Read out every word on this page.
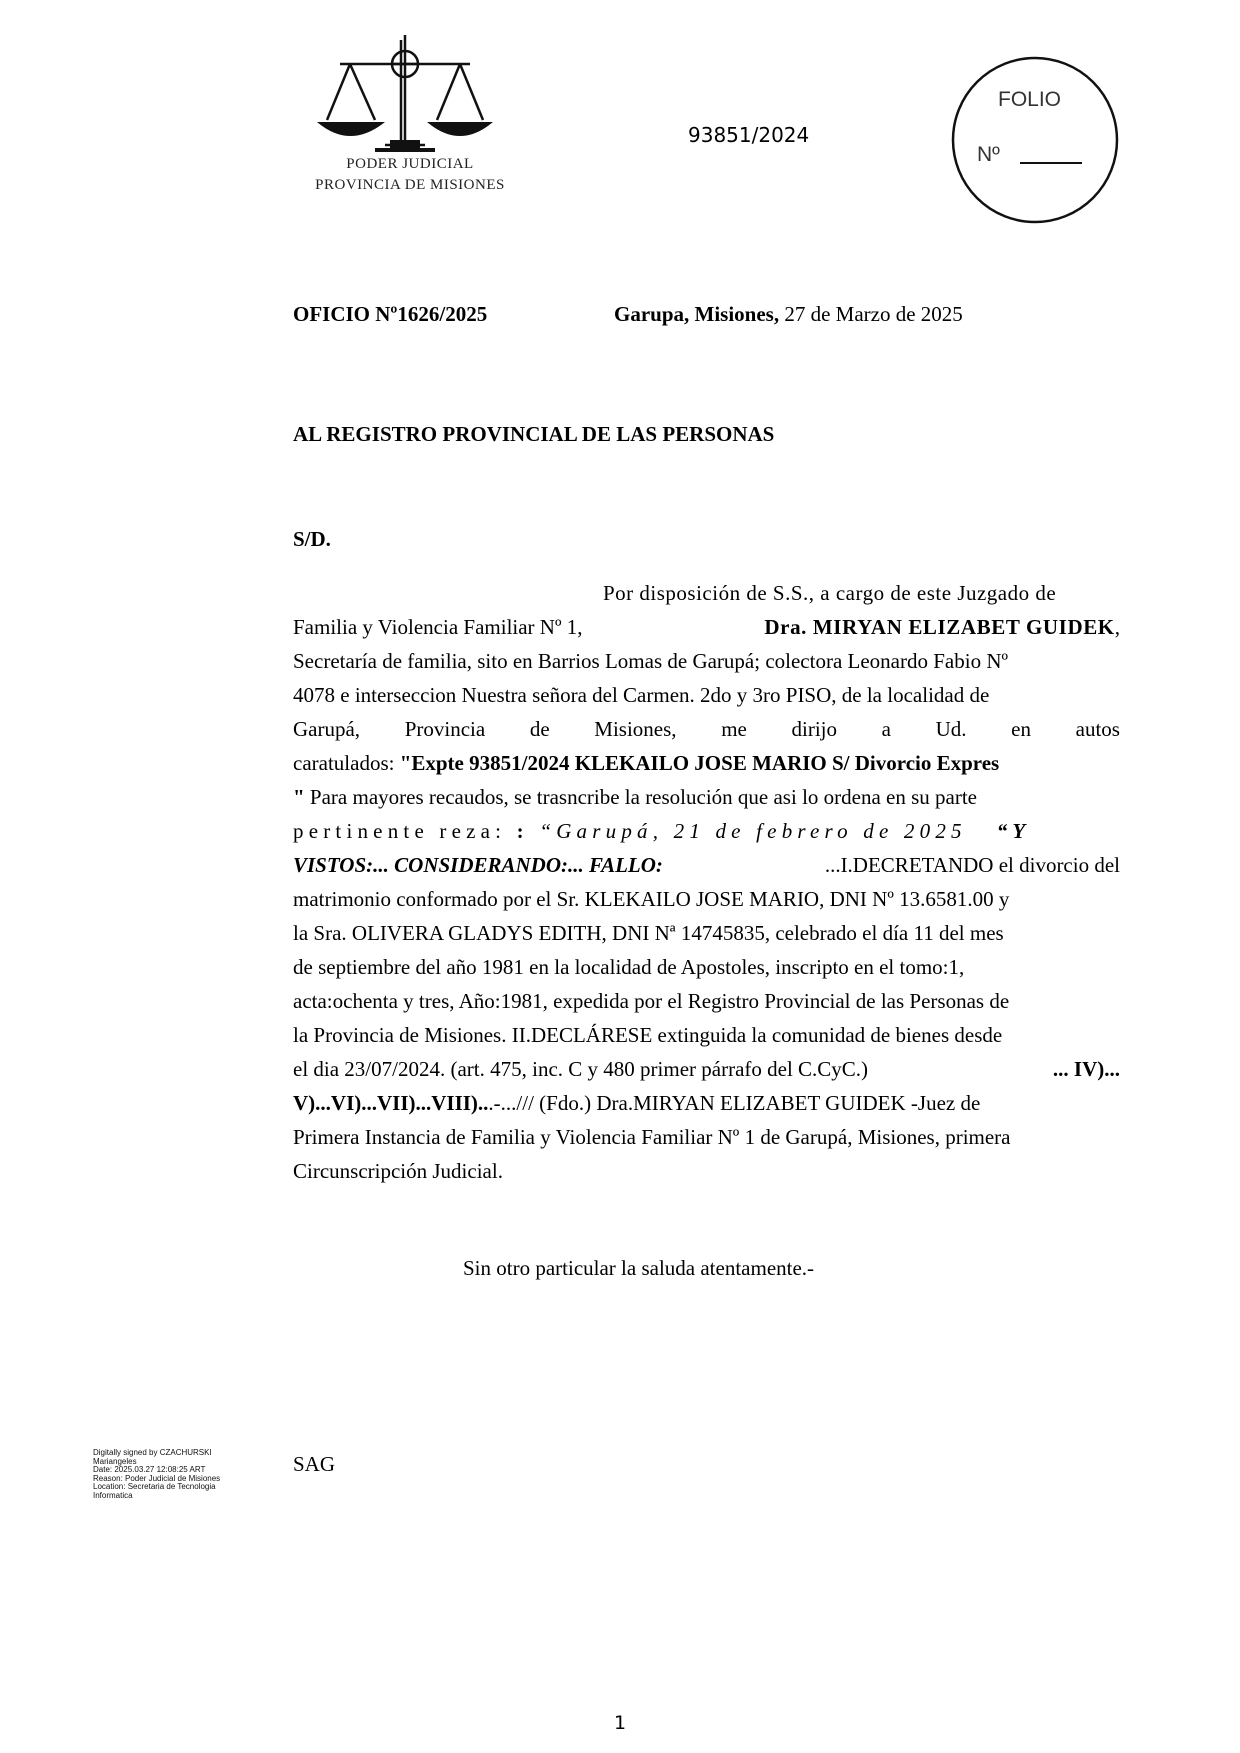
PODER JUDICIAL
PROVINCIA DE MISIONES
93851/2024
FOLIO
Nº
OFICIO Nº1626/2025	Garupa, Misiones, 27 de Marzo de 2025
AL REGISTRO PROVINCIAL DE LAS PERSONAS
S/D.
Por disposición de S.S., a cargo de este Juzgado de
Familia y Violencia Familiar Nº 1,	Dra. MIRYAN ELIZABET GUIDEK,
Secretaría de familia, sito en Barrios Lomas de Garupá; colectora Leonardo Fabio Nº
4078 e interseccion Nuestra señora del Carmen. 2do y 3ro PISO, de la localidad de
Garupá, Provincia de Misiones, me dirijo a Ud. en autos
caratulados: "Expte 93851/2024 KLEKAILO JOSE MARIO S/ Divorcio Expres
" Para mayores recaudos, se trasncribe la resolución que asi lo ordena en su parte
pertinente reza: : “Garupá, 21 de febrero de 2025 “Y
VISTOS:... CONSIDERANDO:... FALLO:	...I.DECRETANDO el divorcio del
matrimonio conformado por el Sr. KLEKAILO JOSE MARIO, DNI Nº 13.6581.00 y
la Sra. OLIVERA GLADYS EDITH, DNI Nª 14745835, celebrado el día 11 del mes
de septiembre del año 1981 en la localidad de Apostoles, inscripto en el tomo:1,
acta:ochenta y tres, Año:1981, expedida por el Registro Provincial de las Personas de
la Provincia de Misiones. II.DECLÁRESE extinguida la comunidad de bienes desde
el dia 23/07/2024. (art. 475, inc. C y 480 primer párrafo del C.CyC.)	... IV)...
V)...VI)...VII)...VIII)...-.../// (Fdo.) Dra.MIRYAN ELIZABET GUIDEK -Juez de
Primera Instancia de Familia y Violencia Familiar Nº 1 de Garupá, Misiones, primera
Circunscripción Judicial.
Sin otro particular la saluda atentamente.-
Digitally signed by CZACHURSKI
Mariangeles
Date: 2025.03.27 12:08:25 ART
Reason: Poder Judicial de Misiones
Location: Secretaria de Tecnologia
Informatica
SAG
1
